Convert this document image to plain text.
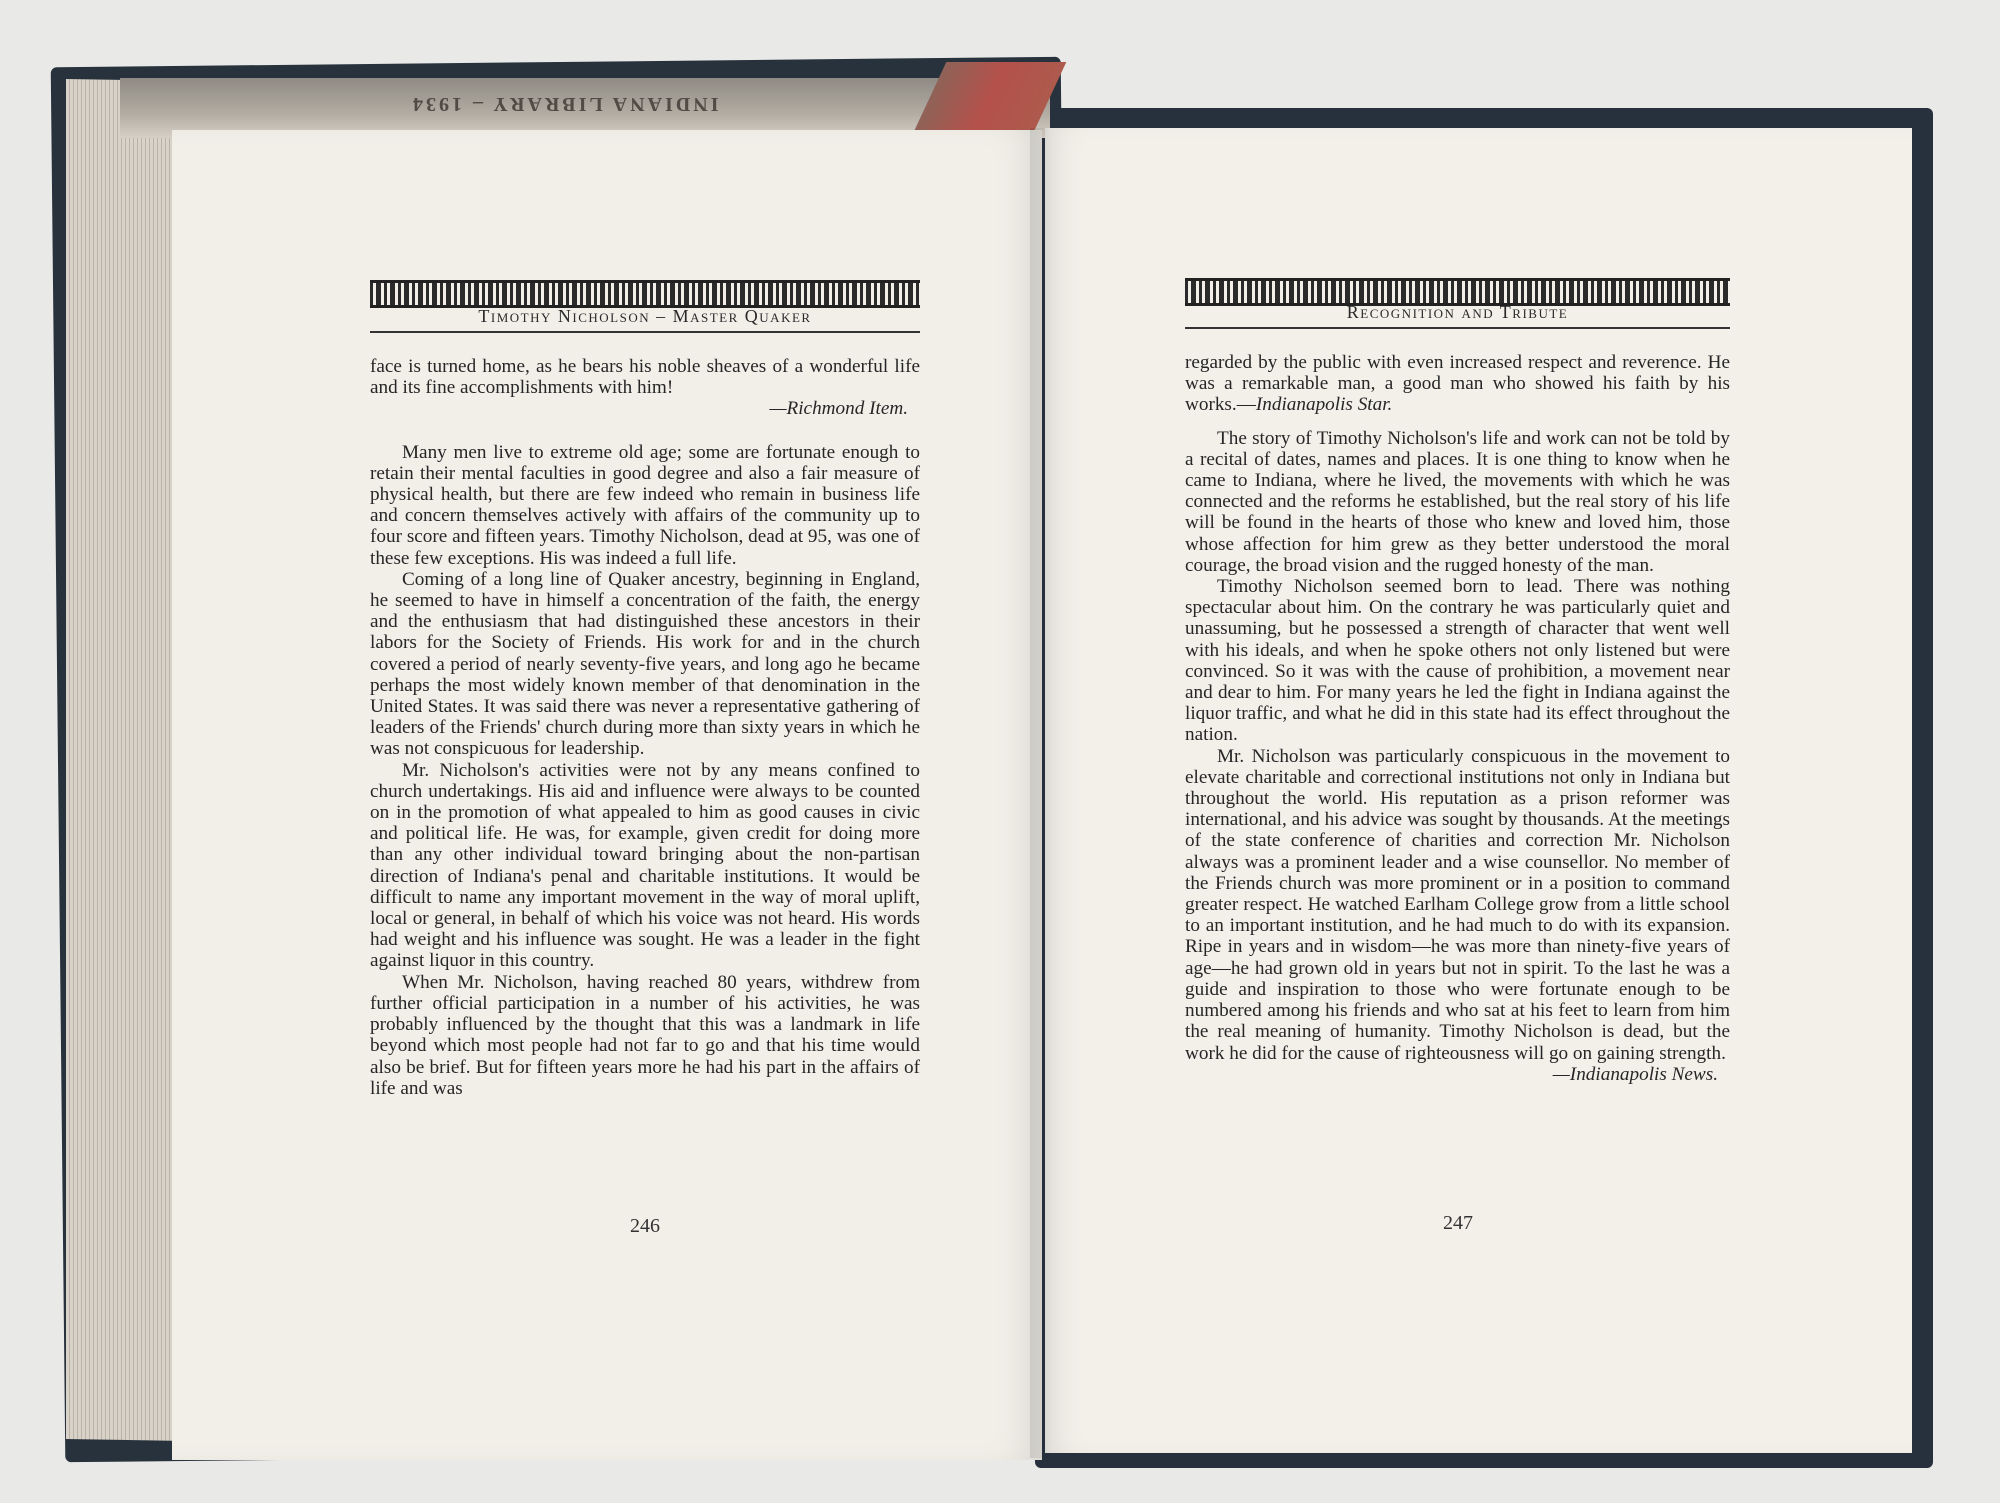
INDIANA LIBRARY – 1934
Timothy Nicholson – Master Quaker

face is turned home, as he bears his noble sheaves of a wonderful life and its fine accomplishments with him!

—Richmond Item.

Many men live to extreme old age; some are fortunate enough to retain their mental faculties in good degree and also a fair measure of physical health, but there are few indeed who remain in business life and concern themselves actively with affairs of the community up to four score and fifteen years. Timothy Nicholson, dead at 95, was one of these few exceptions. His was indeed a full life.

Coming of a long line of Quaker ancestry, beginning in England, he seemed to have in himself a concentration of the faith, the energy and the enthusiasm that had distinguished these ancestors in their labors for the Society of Friends. His work for and in the church covered a period of nearly seventy-five years, and long ago he became perhaps the most widely known member of that denomination in the United States. It was said there was never a representative gathering of leaders of the Friends' church during more than sixty years in which he was not conspicuous for leadership.

Mr. Nicholson's activities were not by any means confined to church undertakings. His aid and influence were always to be counted on in the promotion of what appealed to him as good causes in civic and political life. He was, for example, given credit for doing more than any other individual toward bringing about the non-partisan direction of Indiana's penal and charitable institutions. It would be difficult to name any important movement in the way of moral uplift, local or general, in behalf of which his voice was not heard. His words had weight and his influence was sought. He was a leader in the fight against liquor in this country.

When Mr. Nicholson, having reached 80 years, withdrew from further official participation in a number of his activities, he was probably influenced by the thought that this was a landmark in life beyond which most people had not far to go and that his time would also be brief. But for fifteen years more he had his part in the affairs of life and was

246
Recognition and Tribute

regarded by the public with even increased respect and reverence. He was a remarkable man, a good man who showed his faith by his works.—Indianapolis Star.

The story of Timothy Nicholson's life and work can not be told by a recital of dates, names and places. It is one thing to know when he came to Indiana, where he lived, the movements with which he was connected and the reforms he established, but the real story of his life will be found in the hearts of those who knew and loved him, those whose affection for him grew as they better understood the moral courage, the broad vision and the rugged honesty of the man.

Timothy Nicholson seemed born to lead. There was nothing spectacular about him. On the contrary he was particularly quiet and unassuming, but he possessed a strength of character that went well with his ideals, and when he spoke others not only listened but were convinced. So it was with the cause of prohibition, a movement near and dear to him. For many years he led the fight in Indiana against the liquor traffic, and what he did in this state had its effect throughout the nation.

Mr. Nicholson was particularly conspicuous in the movement to elevate charitable and correctional institutions not only in Indiana but throughout the world. His reputation as a prison reformer was international, and his advice was sought by thousands. At the meetings of the state conference of charities and correction Mr. Nicholson always was a prominent leader and a wise counsellor. No member of the Friends church was more prominent or in a position to command greater respect. He watched Earlham College grow from a little school to an important institution, and he had much to do with its expansion. Ripe in years and in wisdom—he was more than ninety-five years of age—he had grown old in years but not in spirit. To the last he was a guide and inspiration to those who were fortunate enough to be numbered among his friends and who sat at his feet to learn from him the real meaning of humanity. Timothy Nicholson is dead, but the work he did for the cause of righteousness will go on gaining strength.

—Indianapolis News.

247
